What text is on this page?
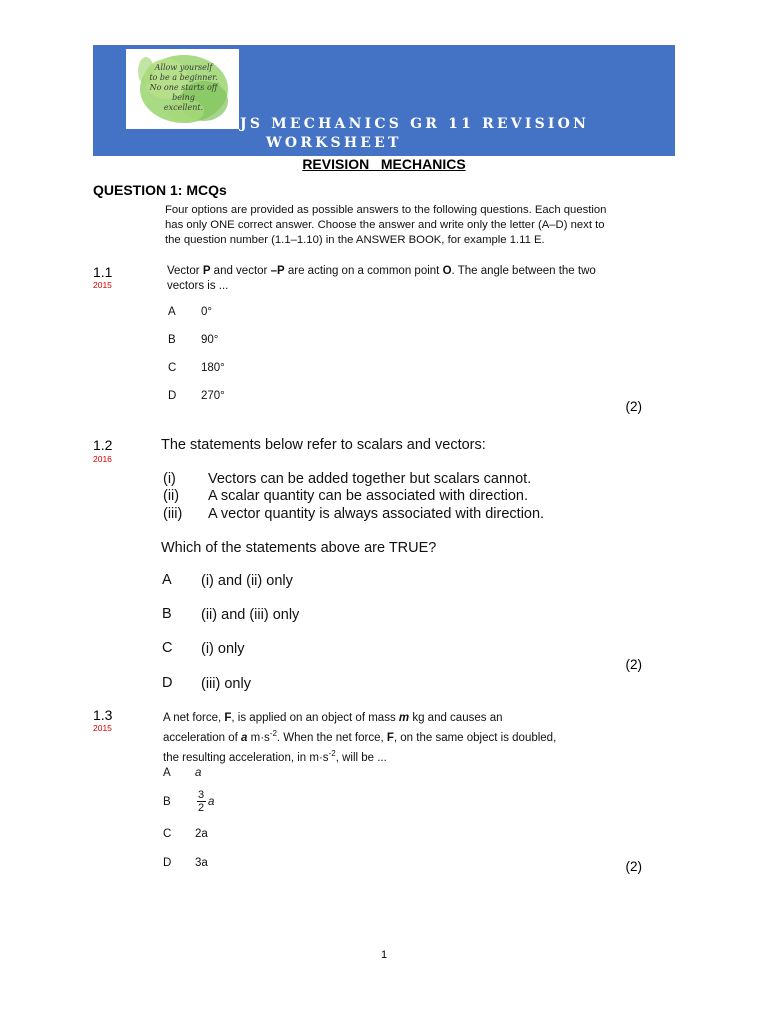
Allow yourself
to be a beginner.
No one starts off
being
excellent.
JS MECHANICS GR 11 REVISION
WORKSHEET
REVISION   MECHANICS
QUESTION 1: MCQs
Four options are provided as possible answers to the following questions. Each question has only ONE correct answer. Choose the answer and write only the letter (A–D) next to the question number (1.1–1.10) in the ANSWER BOOK, for example 1.11 E.
1.1
2015
Vector P and vector –P are acting on a common point O. The angle between the two vectors is ...
A 0°
B 90°
C 180°
D 270°
(2)
1.2
2016
The statements below refer to scalars and vectors:
(i) Vectors can be added together but scalars cannot.
(ii) A scalar quantity can be associated with direction.
(iii) A vector quantity is always associated with direction.
Which of the statements above are TRUE?
A (i) and (ii) only
B (ii) and (iii) only
C (i) only
D (iii) only
(2)
1.3
2015
A net force, F, is applied on an object of mass m kg and causes an
acceleration of a $m\cdot s^{-2}$. When the net force, F, on the same object is doubled,
the resulting acceleration, in $m\cdot s^{-2}$, will be ...
A a
B
3
2 a
C 2a
D 3a	(2)
1
